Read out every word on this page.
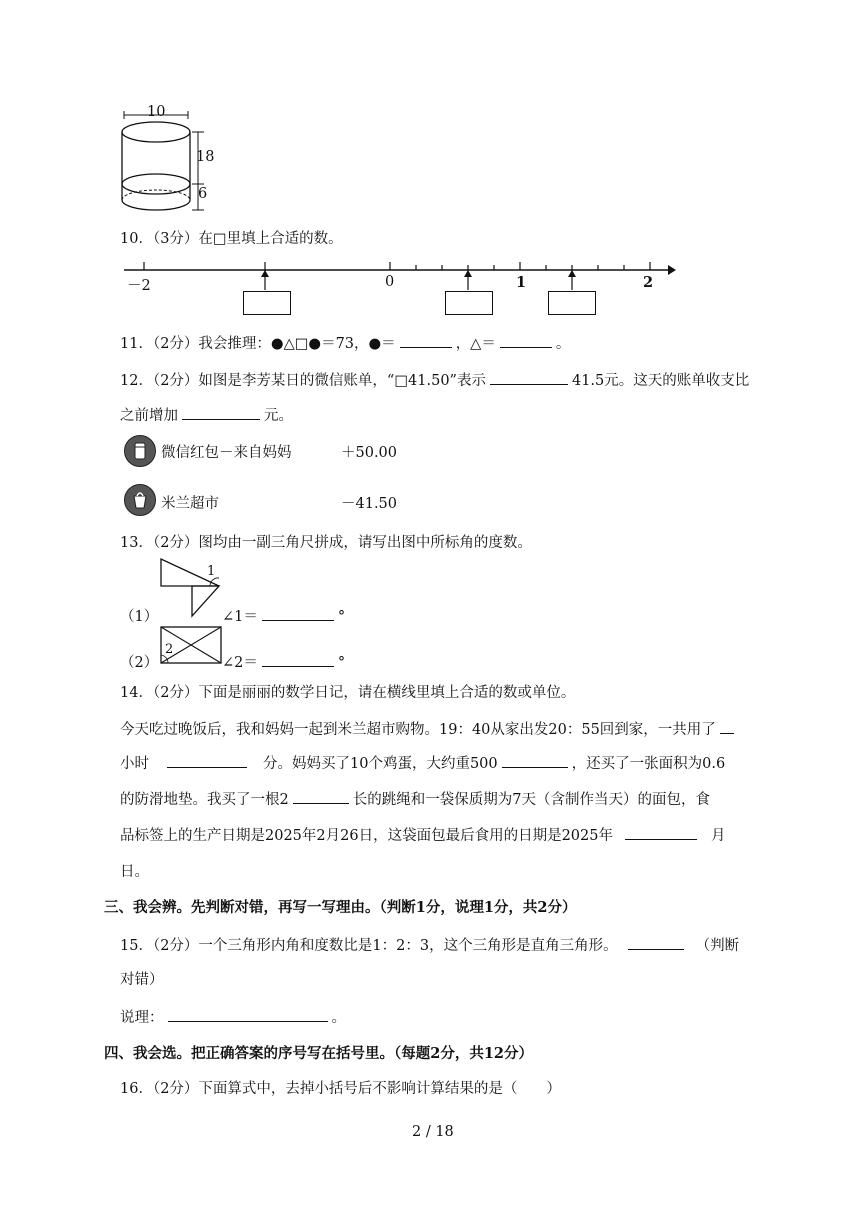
10
18
6
10．（3分）在□里填上合适的数。
－2	0	1	2
11．（2分）我会推理：●△□●＝73，●＝	，△＝	。
12．（2分）如图是李芳某日的微信账单，“□41.50”表示	41.5元。这天的账单收支比
之前增加	元。
微信红包－来自妈妈	＋50.00
米兰超市	－41.50
13．（2分）图均由一副三角尺拼成，请写出图中所标角的度数。
1
（1）	∠1＝	°
（2）
2
∠2＝	°
14．（2分）下面是丽丽的数学日记，请在横线里填上合适的数或单位。
今天吃过晚饭后，我和妈妈一起到米兰超市购物。19：40从家出发20：55回到家，一共用了
小时	分。妈妈买了10个鸡蛋，大约重500	，还买了一张面积为0.6
的防滑地垫。我买了一根2	长的跳绳和一袋保质期为7天（含制作当天）的面包，食
品标签上的生产日期是2025年2月26日，这袋面包最后食用的日期是2025年	月
日。
三、我会辨。先判断对错，再写一写理由。（判断1分，说理1分，共2分）
15．（2分）一个三角形内角和度数比是1：2：3，这个三角形是直角三角形。	（判断
对错）
说理：	。
四、我会选。把正确答案的序号写在括号里。（每题2分，共12分）
16．（2分）下面算式中，去掉小括号后不影响计算结果的是（　　）
2 / 18
